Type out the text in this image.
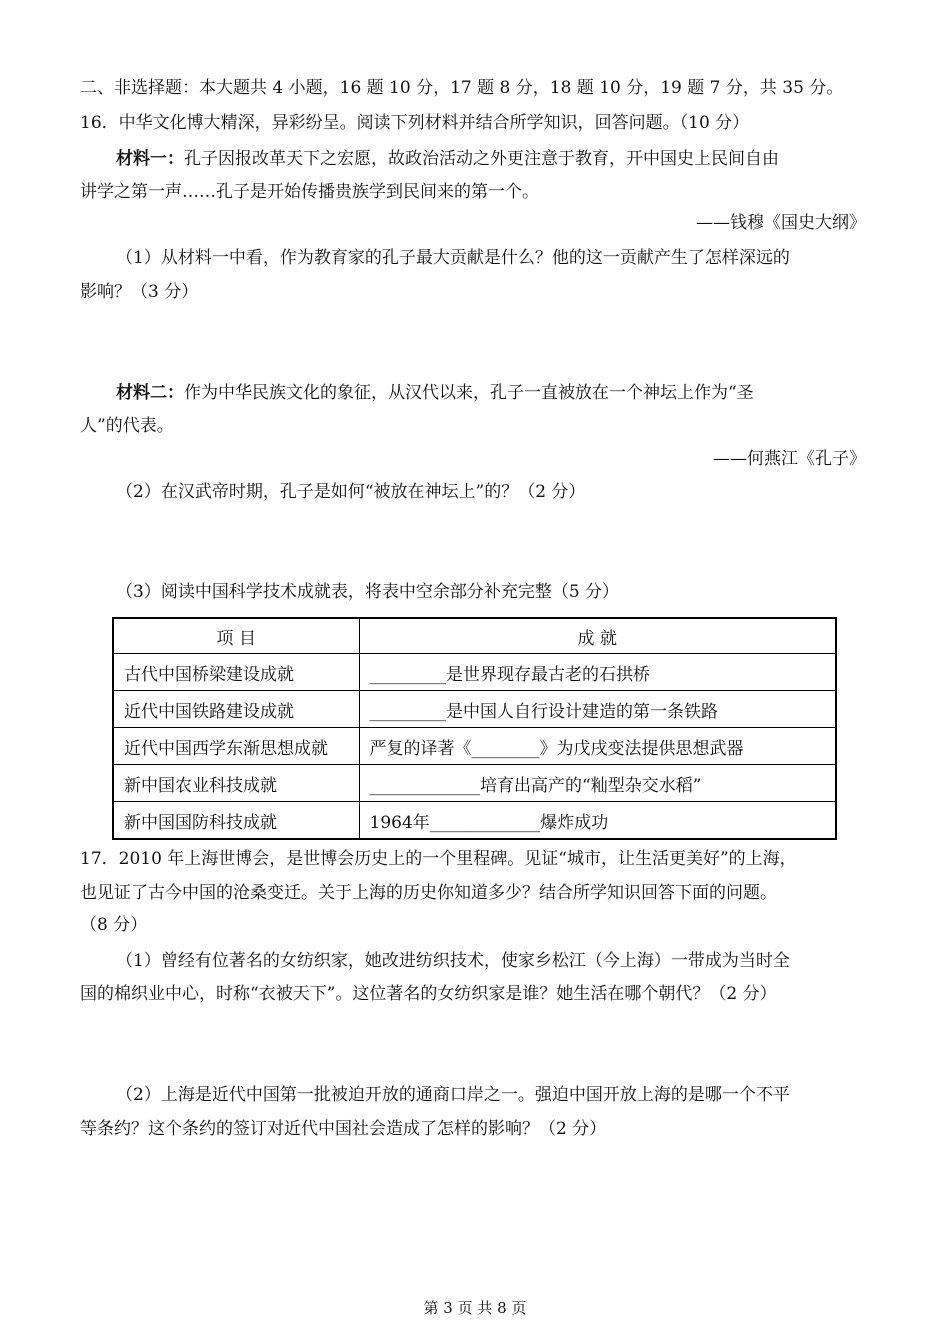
二、非选择题：本大题共 4 小题，16 题 10 分，17 题 8 分，18 题 10 分，19 题 7 分，共 35 分。
16．中华文化博大精深，异彩纷呈。阅读下列材料并结合所学知识，回答问题。（10 分）
材料一：孔子因报改革天下之宏愿，故政治活动之外更注意于教育，开中国史上民间自由
讲学之第一声……孔子是开始传播贵族学到民间来的第一个。
——钱穆《国史大纲》
（1）从材料一中看，作为教育家的孔子最大贡献是什么？他的这一贡献产生了怎样深远的
影响？（3 分）
材料二：作为中华民族文化的象征，从汉代以来，孔子一直被放在一个神坛上作为“圣
人”的代表。
——何燕江《孔子》
（2）在汉武帝时期，孔子是如何“被放在神坛上”的？（2 分）
（3）阅读中国科学技术成就表，将表中空余部分补充完整（5 分）
项 目	成 就
古代中国桥梁建设成就	_________是世界现存最古老的石拱桥
近代中国铁路建设成就	_________是中国人自行设计建造的第一条铁路
近代中国西学东渐思想成就	严复的译著《________》为戊戌变法提供思想武器
新中国农业科技成就	_____________培育出高产的“籼型杂交水稻”
新中国国防科技成就	1964年_____________爆炸成功
17．2010 年上海世博会，是世博会历史上的一个里程碑。见证“城市，让生活更美好”的上海，
也见证了古今中国的沧桑变迁。关于上海的历史你知道多少？结合所学知识回答下面的问题。
（8 分）
（1）曾经有位著名的女纺织家，她改进纺织技术，使家乡松江（今上海）一带成为当时全
国的棉织业中心，时称“衣被天下”。这位著名的女纺织家是谁？她生活在哪个朝代？（2 分）
（2）上海是近代中国第一批被迫开放的通商口岸之一。强迫中国开放上海的是哪一个不平
等条约？这个条约的签订对近代中国社会造成了怎样的影响？（2 分）
第 3 页 共 8 页
